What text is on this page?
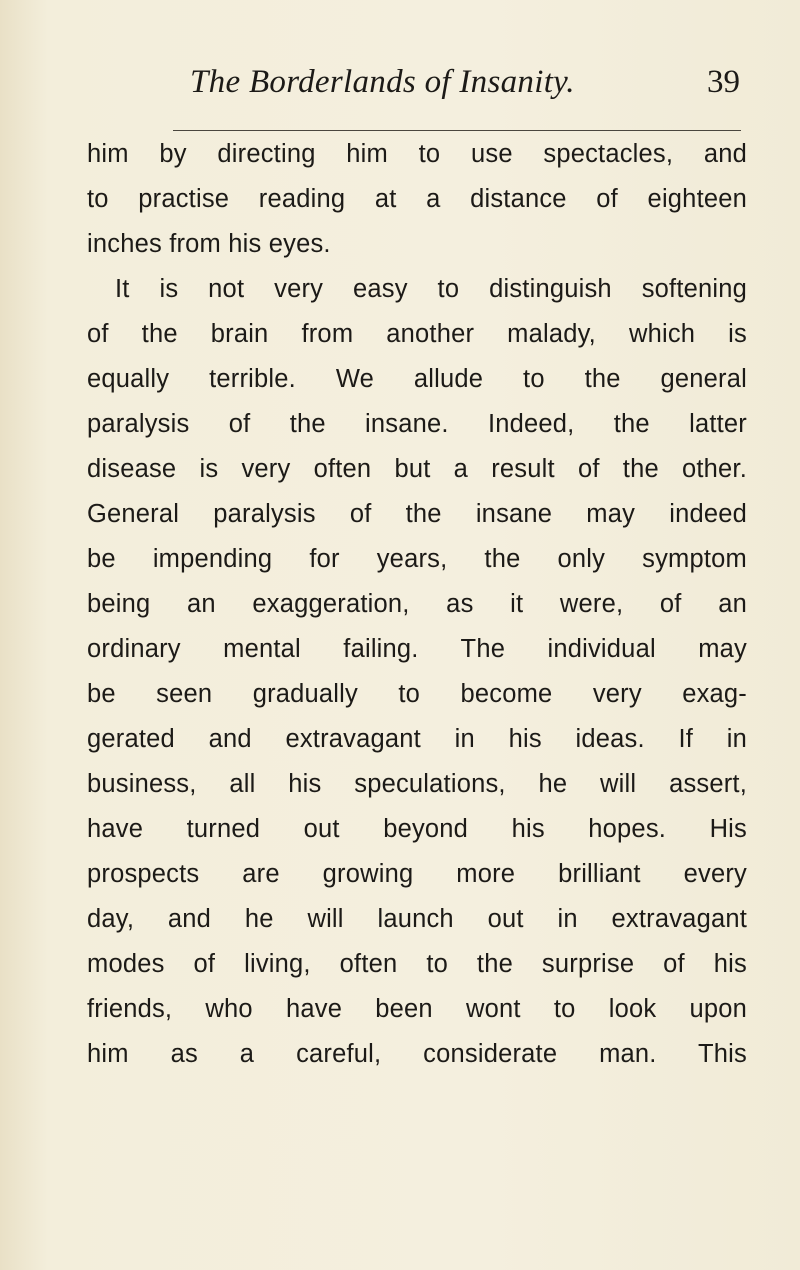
The Borderlands of Insanity.	39
him by directing him to use spectacles, and
to practise reading at a distance of eighteen
inches from his eyes.
It is not very easy to distinguish softening
of the brain from another malady, which is
equally terrible. We allude to the general
paralysis of the insane. Indeed, the latter
disease is very often but a result of the other.
General paralysis of the insane may indeed
be impending for years, the only symptom
being an exaggeration, as it were, of an
ordinary mental failing. The individual may
be seen gradually to become very exag-
gerated and extravagant in his ideas. If in
business, all his speculations, he will assert,
have turned out beyond his hopes. His
prospects are growing more brilliant every
day, and he will launch out in extravagant
modes of living, often to the surprise of his
friends, who have been wont to look upon
him as a careful, considerate man. This
